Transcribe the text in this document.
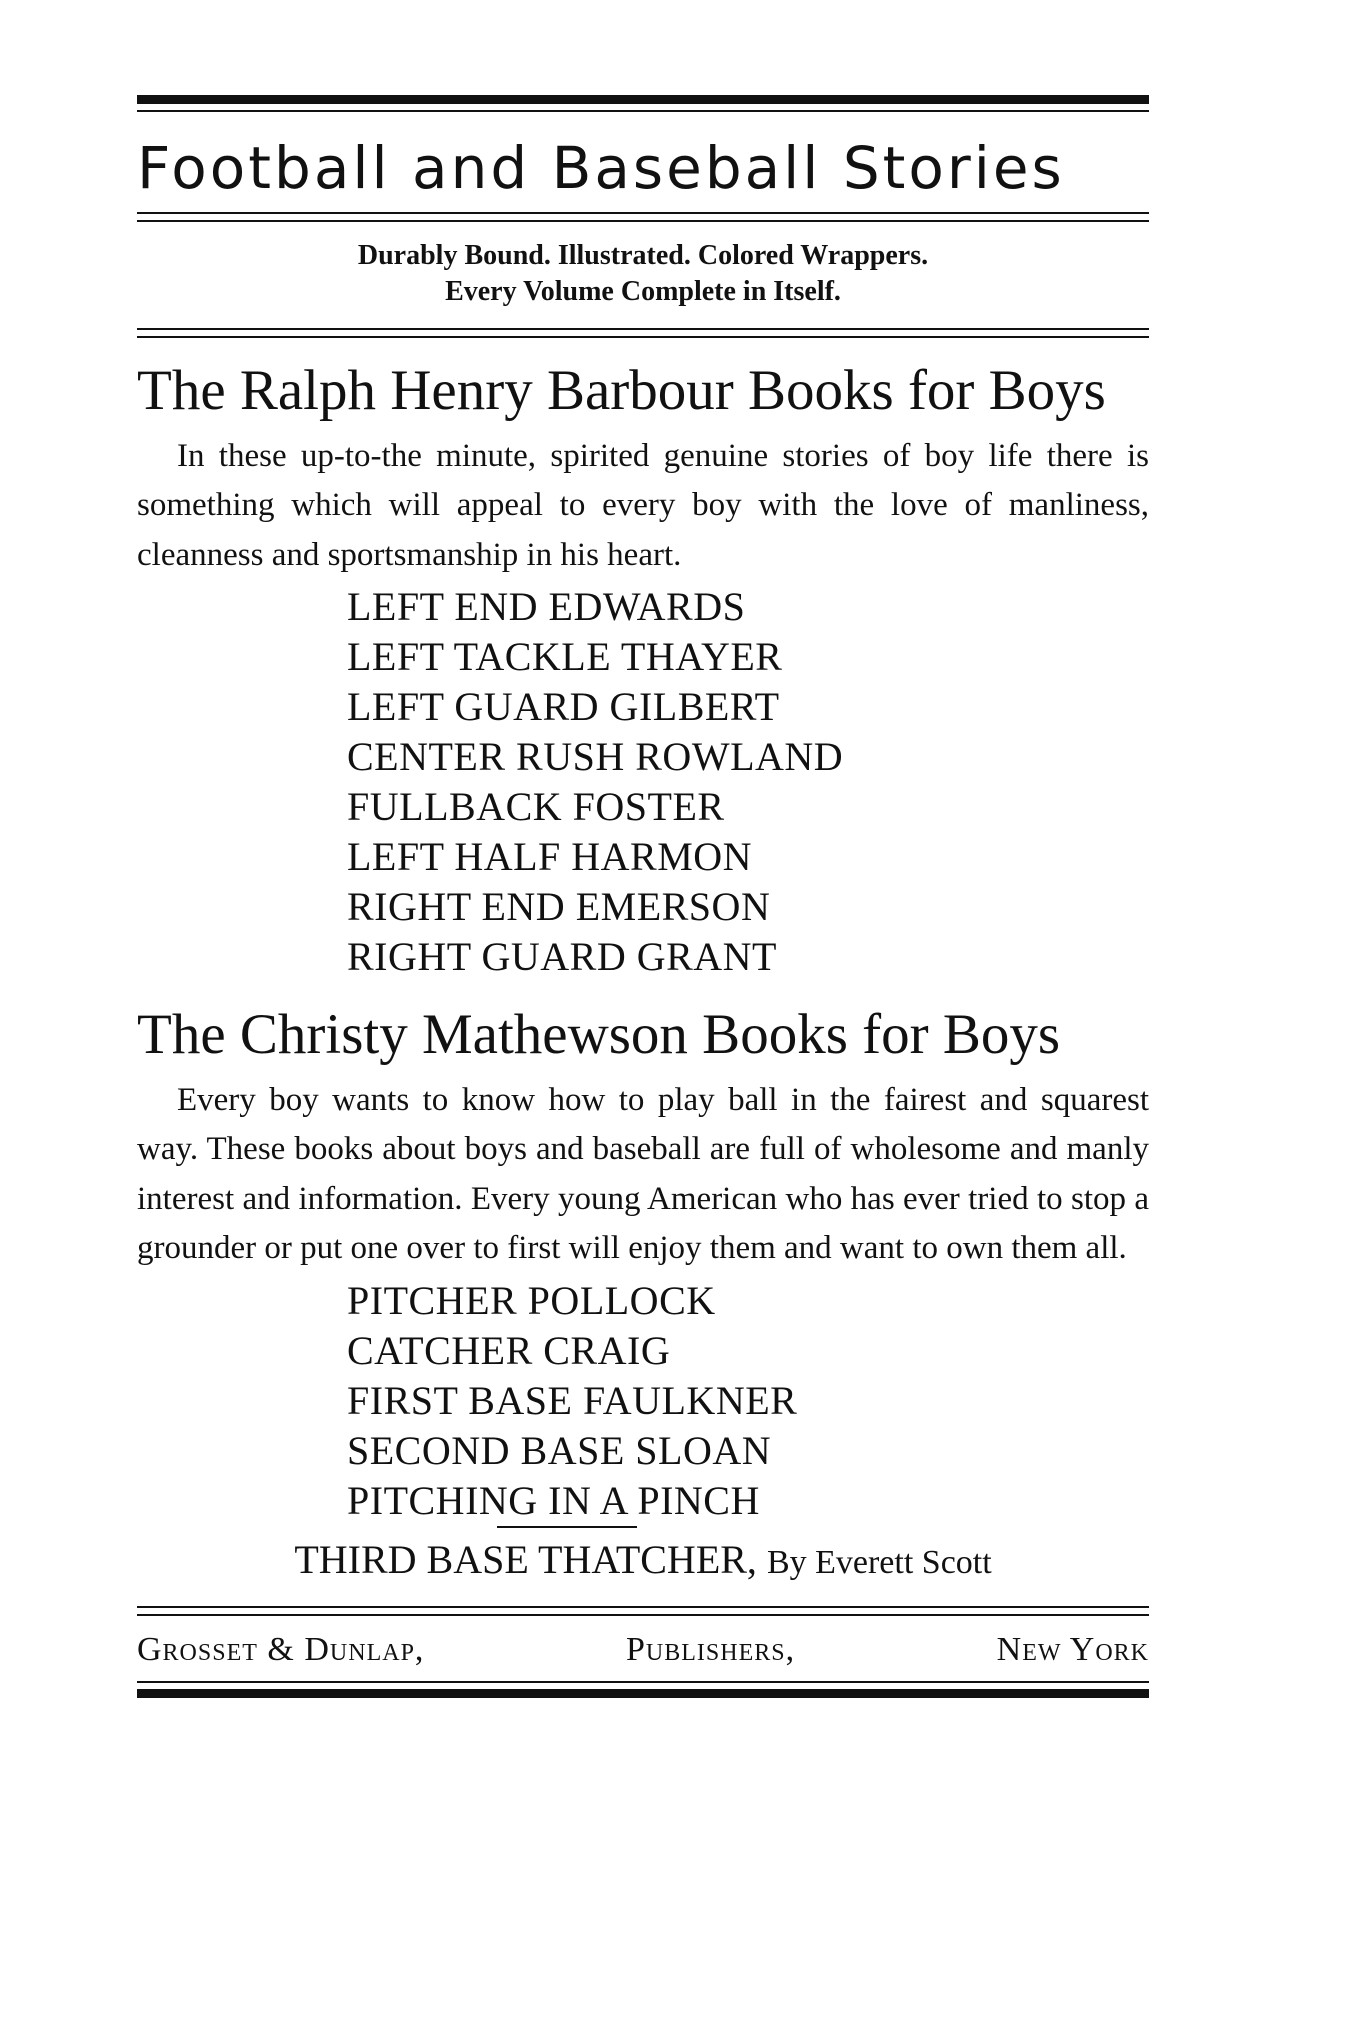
Football and Baseball Stories
Durably Bound. Illustrated. Colored Wrappers.
Every Volume Complete in Itself.
The Ralph Henry Barbour Books for Boys

In these up-to-the minute, spirited genuine stories of boy life there is something which will appeal to every boy with the love of manliness, cleanness and sportsmanship in his heart.

LEFT END EDWARDS
LEFT TACKLE THAYER
LEFT GUARD GILBERT
CENTER RUSH ROWLAND
FULLBACK FOSTER
LEFT HALF HARMON
RIGHT END EMERSON
RIGHT GUARD GRANT
The Christy Mathewson Books for Boys

Every boy wants to know how to play ball in the fairest and squarest way. These books about boys and baseball are full of wholesome and manly interest and information. Every young American who has ever tried to stop a grounder or put one over to first will enjoy them and want to own them all.

PITCHER POLLOCK
CATCHER CRAIG
FIRST BASE FAULKNER
SECOND BASE SLOAN
PITCHING IN A PINCH
THIRD BASE THATCHER, By Everett Scott
Grosset & Dunlap,	Publishers,	New York
